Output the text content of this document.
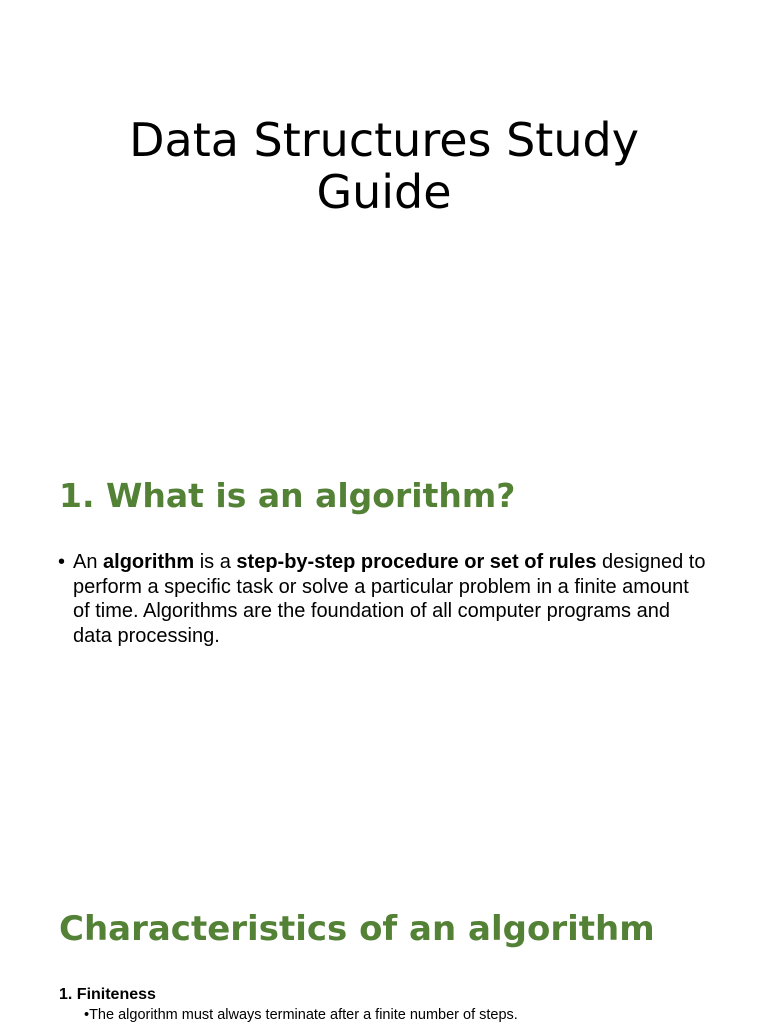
Data Structures Study Guide
1. What is an algorithm?
• An algorithm is a step-by-step procedure or set of rules designed to perform a specific task or solve a particular problem in a finite amount of time. Algorithms are the foundation of all computer programs and data processing.
Characteristics of an algorithm

1. Finiteness

•The algorithm must always terminate after a finite number of steps.
